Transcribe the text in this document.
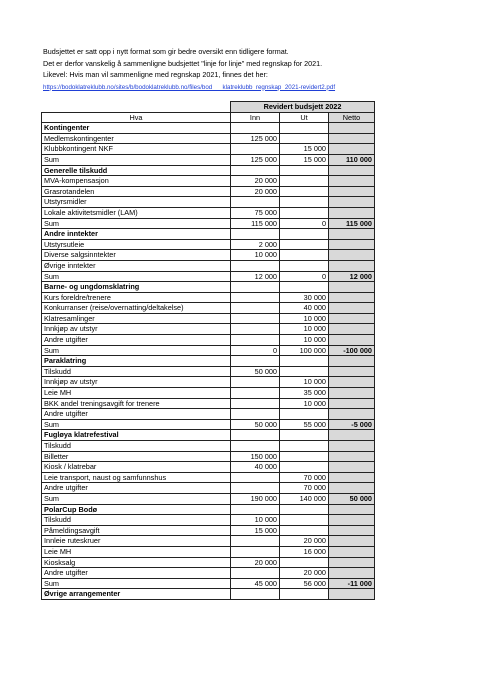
Budsjettet er satt opp i nytt format som gir bedre oversikt enn tidligere format.
Det er derfor vanskelig å sammenligne budsjettet "linje for linje" med regnskap for 2021.
Likevel: Hvis man vil sammenligne med regnskap 2021, finnes det her:
https://bodoklatreklubb.no/sites/b/bodoklatreklubb.no/files/bod___klatreklubb_regnskap_2021-revidert2.pdf
	Revidert budsjett 2022		
Hva	Inn	Ut	Netto
Kontingenter			
Medlemskontingenter	125 000		
Klubbkontingent NKF		15 000	
Sum	125 000	15 000	110 000
Generelle tilskudd			
MVA-kompensasjon	20 000		
Grasrotandelen	20 000		
Utstyrsmidler			
Lokale aktivitetsmidler (LAM)	75 000		
Sum	115 000	0	115 000
Andre inntekter			
Utstyrsutleie	2 000		
Diverse salgsinntekter	10 000		
Øvrige inntekter			
Sum	12 000	0	12 000
Barne- og ungdomsklatring			
Kurs foreldre/trenere		30 000	
Konkurranser (reise/overnatting/deltakelse)		40 000	
Klatresamlinger		10 000	
Innkjøp av utstyr		10 000	
Andre utgifter		10 000	
Sum	0	100 000	-100 000
Paraklatring			
Tilskudd	50 000		
Innkjøp av utstyr		10 000	
Leie MH		35 000	
BKK andel treningsavgift for trenere		10 000	
Andre utgifter			
Sum	50 000	55 000	-5 000
Fugløya klatrefestival			
Tilskudd			
Billetter	150 000		
Kiosk / klatrebar	40 000		
Leie transport, naust og samfunnshus		70 000	
Andre utgifter		70 000	
Sum	190 000	140 000	50 000
PolarCup Bodø			
Tilskudd	10 000		
Påmeldingsavgift	15 000		
Innleie ruteskruer		20 000	
Leie MH		16 000	
Kiosksalg	20 000		
Andre utgifter		20 000	
Sum	45 000	56 000	-11 000
Øvrige arrangementer			
